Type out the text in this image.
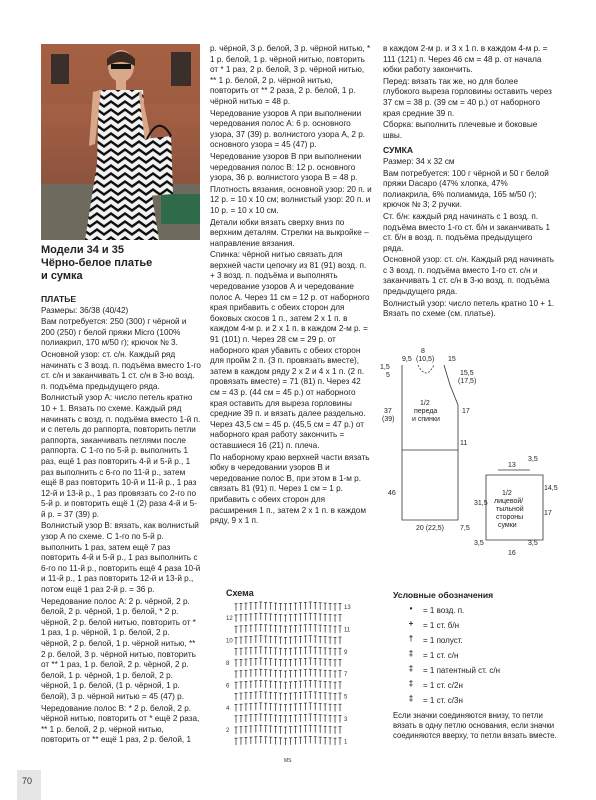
Модели 34 и 35
Чёрно-белое платье
и сумка

ПЛАТЬЕ

Размеры: 36/38 (40/42)

Вам потребуется: 250 (300) г чёрной и 200 (250) г белой пряжи Micro (100% полиакрил, 170 м/50 г); крючок № 3.

Основной узор: ст. с/н. Каждый ряд начинать с 3 возд. п. подъёма вместо 1-го ст. с/н и заканчивать 1 ст. с/н в 3-ю возд. п. подъёма предыдущего ряда.

Волнистый узор А: число петель кратно 10 + 1. Вязать по схеме. Каждый ряд начинать с возд. п. подъёма вместо 1-й п. и с петель до раппорта, повторить петли раппорта, заканчивать петлями после раппорта. С 1-го по 5-й р. выполнить 1 раз, ещё 1 раз повторить 4-й и 5-й р., 1 раз выполнить с 6-го по 11-й р., затем ещё 8 раз повторить 10-й и 11-й р., 1 раз 12-й и 13-й р., 1 раз провязать со 2-го по 5-й р. и повторить ещё 1 (2) раза 4-й и 5-й р. = 37 (39) р.

Волнистый узор В: вязать, как волнистый узор А по схеме. С 1-го по 5-й р. выполнить 1 раз, затем ещё 7 раз повторить 4-й и 5-й р., 1 раз выполнить с 6-го по 11-й р., повторить ещё 4 раза 10-й и 11-й р., 1 раз повторить 12-й и 13-й р., потом ещё 1 раз 2-й р. = 36 р.

Чередование полос А: 2 р. чёрной, 2 р. белой, 2 р. чёрной, 1 р. белой, * 2 р. чёрной, 2 р. белой нитью, повторить от * 1 раз, 1 р. чёрной, 1 р. белой, 2 р. чёрной, 2 р. белой, 1 р. чёрной нитью, ** 2 р. белой, 3 р. чёрной нитью, повторить от ** 1 раз, 1 р. белой, 2 р. чёрной, 2 р. белой, 1 р. чёрной, 1 р. белой, 2 р. чёрной, 1 р. белой, (1 р. чёрной, 1 р. белой), 3 р. чёрной нитью = 45 (47) р.

Чередование полос В: * 2 р. белой, 2 р. чёрной нитью, повторить от * ещё 2 раза, ** 1 р. белой, 2 р. чёрной нитью, повторить от ** ещё 1 раз, 2 р. белой, 1

р. чёрной, 3 р. белой, 3 р. чёрной нитью, * 1 р. белой, 1 р. чёрной нитью, повторить от * 1 раз, 2 р. белой, 3 р. чёрной нитью, ** 1 р. белой, 2 р. чёрной нитью, повторить от ** 2 раза, 2 р. белой, 1 р. чёрной нитью = 48 р.

Чередование узоров А при выполнении чередования полос А: 6 р. основного узора, 37 (39) р. волнистого узора А, 2 р. основного узора = 45 (47) р.

Чередование узоров В при выполнении чередования полос В: 12 р. основного узора, 36 р. волнистого узора В = 48 р.

Плотность вязания, основной узор: 20 п. и 12 р. = 10 х 10 см; волнистый узор: 20 п. и 10 р. = 10 х 10 см.

Детали юбки вязать сверху вниз по верхним деталям. Стрелки на выкройке – направление вязания.

Спинка: чёрной нитью связать для верхней части цепочку из 81 (91) возд. п. + 3 возд. п. подъёма и выполнять чередование узоров А и чередование полос А. Через 11 см = 12 р. от наборного края прибавить с обеих сторон для боковых скосов 1 п., затем 2 х 1 п. в каждом 4-м р. и 2 х 1 п. в каждом 2-м р. = 91 (101) п. Через 28 см = 29 р. от наборного края убавить с обеих сторон для пройм 2 п. (3 п. провязать вместе), затем в каждом ряду 2 х 2 и 4 х 1 п. (2 п. провязать вместе) = 71 (81) п. Через 42 см = 43 р. (44 см = 45 р.) от наборного края оставить для выреза горловины средние 39 п. и вязать далее раздельно. Через 43,5 см = 45 р. (45,5 см = 47 р.) от наборного края работу закончить = оставшиеся 16 (21) п. плеча.

По наборному краю верхней части вязать юбку в чередовании узоров В и чередование полос В, при этом в 1-м р. связать 81 (91) п. Через 1 см = 1 р. прибавить с обеих сторон для расширения 1 п., затем 2 х 1 п. в каждом ряду, 9 х 1 п.

в каждом 2-м р. и 3 х 1 п. в каждом 4-м р. = 111 (121) п. Через 46 см = 48 р. от начала юбки работу закончить.

Перед: вязать так же, но для более глубокого выреза горловины оставить через 37 см = 38 р. (39 см = 40 р.) от наборного края средние 39 п.

Сборка: выполнить плечевые и боковые швы.

СУМКА

Размер: 34 х 32 см

Вам потребуется: 100 г чёрной и 50 г белой пряжи Dacapo (47% хлопка, 47% полиакрила, 6% полиамида, 165 м/50 г); крючок № 3; 2 ручки.

Ст. б/н: каждый ряд начинать с 1 возд. п. подъёма вместо 1-го ст. б/н и заканчивать 1 ст. б/н в возд. п. подъёма предыдущего ряда.

Основной узор: ст. с/н. Каждый ряд начинать с 3 возд. п. подъёма вместо 1-го ст. с/н и заканчивать 1 ст. с/н в 3-ю возд. п. подъёма предыдущего ряда.

Волнистый узор: число петель кратно 10 + 1. Вязать по схеме (см. платье).

8
(10,5)
9,5	15
15,5
(17,5)
1,5
5
17
37
(39)
11
46
20 (22,5) 7,5
1/2
переда
и спинки
13
3,5
14,5
31,5
17
3,5
16
3,5
1/2
лицевой/
тыльной
стороны
сумки
Схема
13
12
11
10
9
8
7
6
5
4
3
2
1
МS
Условные обозначения
•	= 1 возд. п.
+	= 1 ст. б/н
†	= 1 полуст.
‡	= 1 ст. с/н
‡	= 1 патентный ст. с/н
‡	= 1 ст. с/2н
‡	= 1 ст. с/3н
Если значки соединяются внизу, то петли вязать в одну петлю основания, если значки соединяются вверху, то петли вязать вместе.
70
